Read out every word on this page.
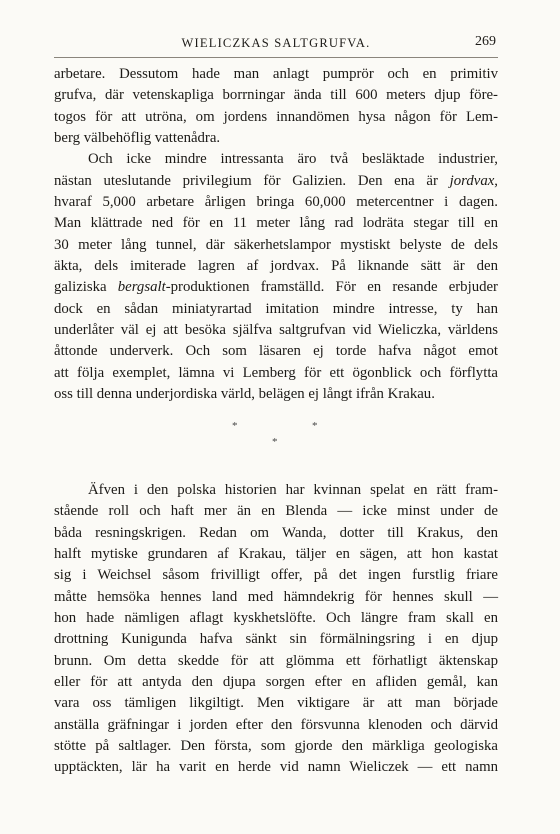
WIELICZKAS SALTGRUFVA.	269
arbetare. Dessutom hade man anlagt pumprör och en primitiv
grufva, där vetenskapliga borrningar ända till 600 meters djup före-
togos för att utröna, om jordens innandömen hysa någon för Lem-
berg välbehöflig vattenådra.
Och icke mindre intressanta äro två besläktade industrier,
nästan uteslutande privilegium för Galizien. Den ena är jordvax,
hvaraf 5,000 arbetare årligen bringa 60,000 metercentner i dagen.
Man klättrade ned för en 11 meter lång rad lodräta stegar till en
30 meter lång tunnel, där säkerhetslampor mystiskt belyste de dels
äkta, dels imiterade lagren af jordvax. På liknande sätt är den
galiziska bergsalt-produktionen framställd. För en resande erbjuder
dock en sådan miniatyrartad imitation mindre intresse, ty han
underlåter väl ej att besöka själfva saltgrufvan vid Wieliczka, världens
åttonde underverk. Och som läsaren ej torde hafva något emot
att följa exemplet, lämna vi Lemberg för ett ögonblick och förflytta
oss till denna underjordiska värld, belägen ej långt ifrån Krakau.
*	*
*
Äfven i den polska historien har kvinnan spelat en rätt fram-
stående roll och haft mer än en Blenda — icke minst under de
båda resningskrigen. Redan om Wanda, dotter till Krakus, den
halft mytiske grundaren af Krakau, täljer en sägen, att hon kastat
sig i Weichsel såsom frivilligt offer, på det ingen furstlig friare
måtte hemsöka hennes land med hämndekrig för hennes skull —
hon hade nämligen aflagt kyskhetslöfte. Och längre fram skall en
drottning Kunigunda hafva sänkt sin förmälningsring i en djup
brunn. Om detta skedde för att glömma ett förhatligt äktenskap
eller för att antyda den djupa sorgen efter en afliden gemål, kan
vara oss tämligen likgiltigt. Men viktigare är att man började
anställa gräfningar i jorden efter den försvunna klenoden och därvid
stötte på saltlager. Den första, som gjorde den märkliga geologiska
upptäckten, lär ha varit en herde vid namn Wieliczek — ett namn
